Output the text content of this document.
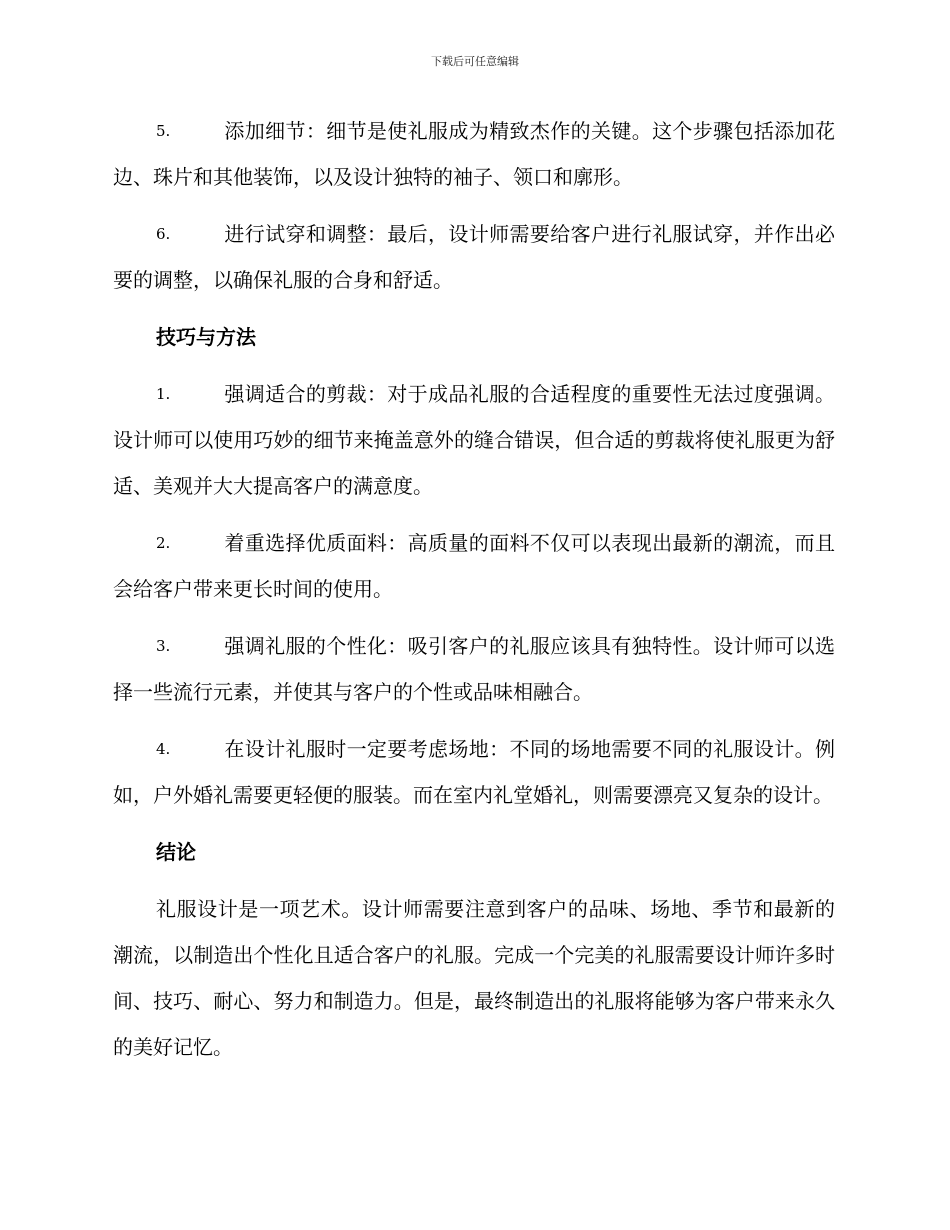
下载后可任意编辑

5.	添加细节：细节是使礼服成为精致杰作的关键。这个步骤包括添加花边、珠片和其他装饰，以及设计独特的袖子、领口和廓形。

6.	进行试穿和调整：最后，设计师需要给客户进行礼服试穿，并作出必要的调整，以确保礼服的合身和舒适。

技巧与方法

1.	强调适合的剪裁：对于成品礼服的合适程度的重要性无法过度强调。设计师可以使用巧妙的细节来掩盖意外的缝合错误，但合适的剪裁将使礼服更为舒适、美观并大大提高客户的满意度。

2.	着重选择优质面料：高质量的面料不仅可以表现出最新的潮流，而且会给客户带来更长时间的使用。

3.	强调礼服的个性化：吸引客户的礼服应该具有独特性。设计师可以选择一些流行元素，并使其与客户的个性或品味相融合。

4.	在设计礼服时一定要考虑场地：不同的场地需要不同的礼服设计。例如，户外婚礼需要更轻便的服装。而在室内礼堂婚礼，则需要漂亮又复杂的设计。

结论

礼服设计是一项艺术。设计师需要注意到客户的品味、场地、季节和最新的潮流，以制造出个性化且适合客户的礼服。完成一个完美的礼服需要设计师许多时间、技巧、耐心、努力和制造力。但是，最终制造出的礼服将能够为客户带来永久的美好记忆。
